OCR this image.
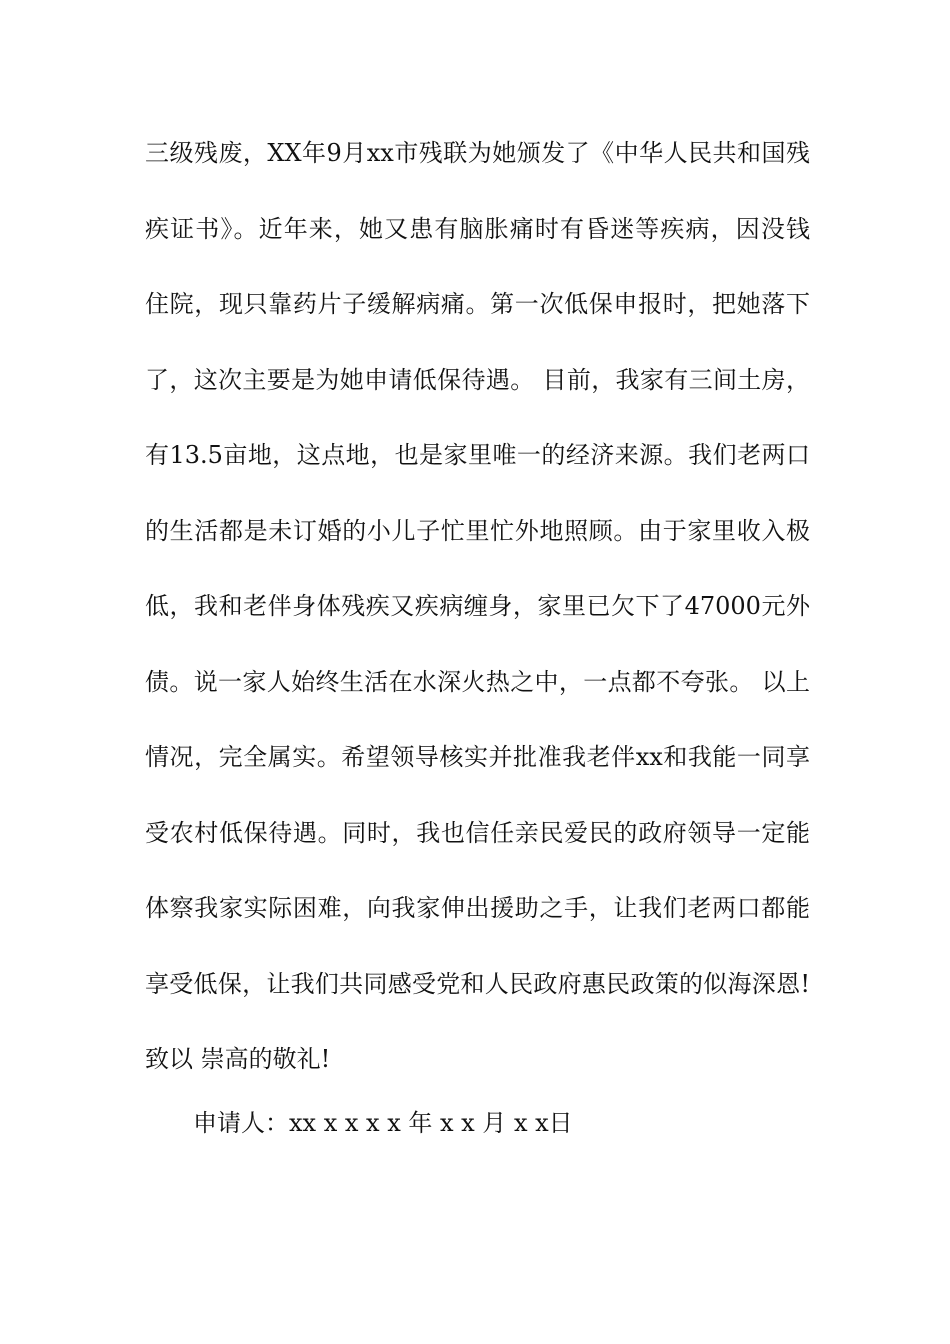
三级残废，XX年9月xx市残联为她颁发了《中华人民共和国残
疾证书》。近年来，她又患有脑胀痛时有昏迷等疾病，因没钱
住院，现只靠药片子缓解病痛。第一次低保申报时，把她落下
了，这次主要是为她申请低保待遇。 目前，我家有三间土房，
有13.5亩地，这点地，也是家里唯一的经济来源。我们老两口
的生活都是未订婚的小儿子忙里忙外地照顾。由于家里收入极
低，我和老伴身体残疾又疾病缠身，家里已欠下了47000元外
债。说一家人始终生活在水深火热之中，一点都不夸张。 以上
情况，完全属实。希望领导核实并批准我老伴xx和我能一同享
受农村低保待遇。同时，我也信任亲民爱民的政府领导一定能
体察我家实际困难，向我家伸出援助之手，让我们老两口都能
享受低保，让我们共同感受党和人民政府惠民政策的似海深恩!
致以 崇高的敬礼!
申请人：xx x x x x 年 x x 月 x x日
